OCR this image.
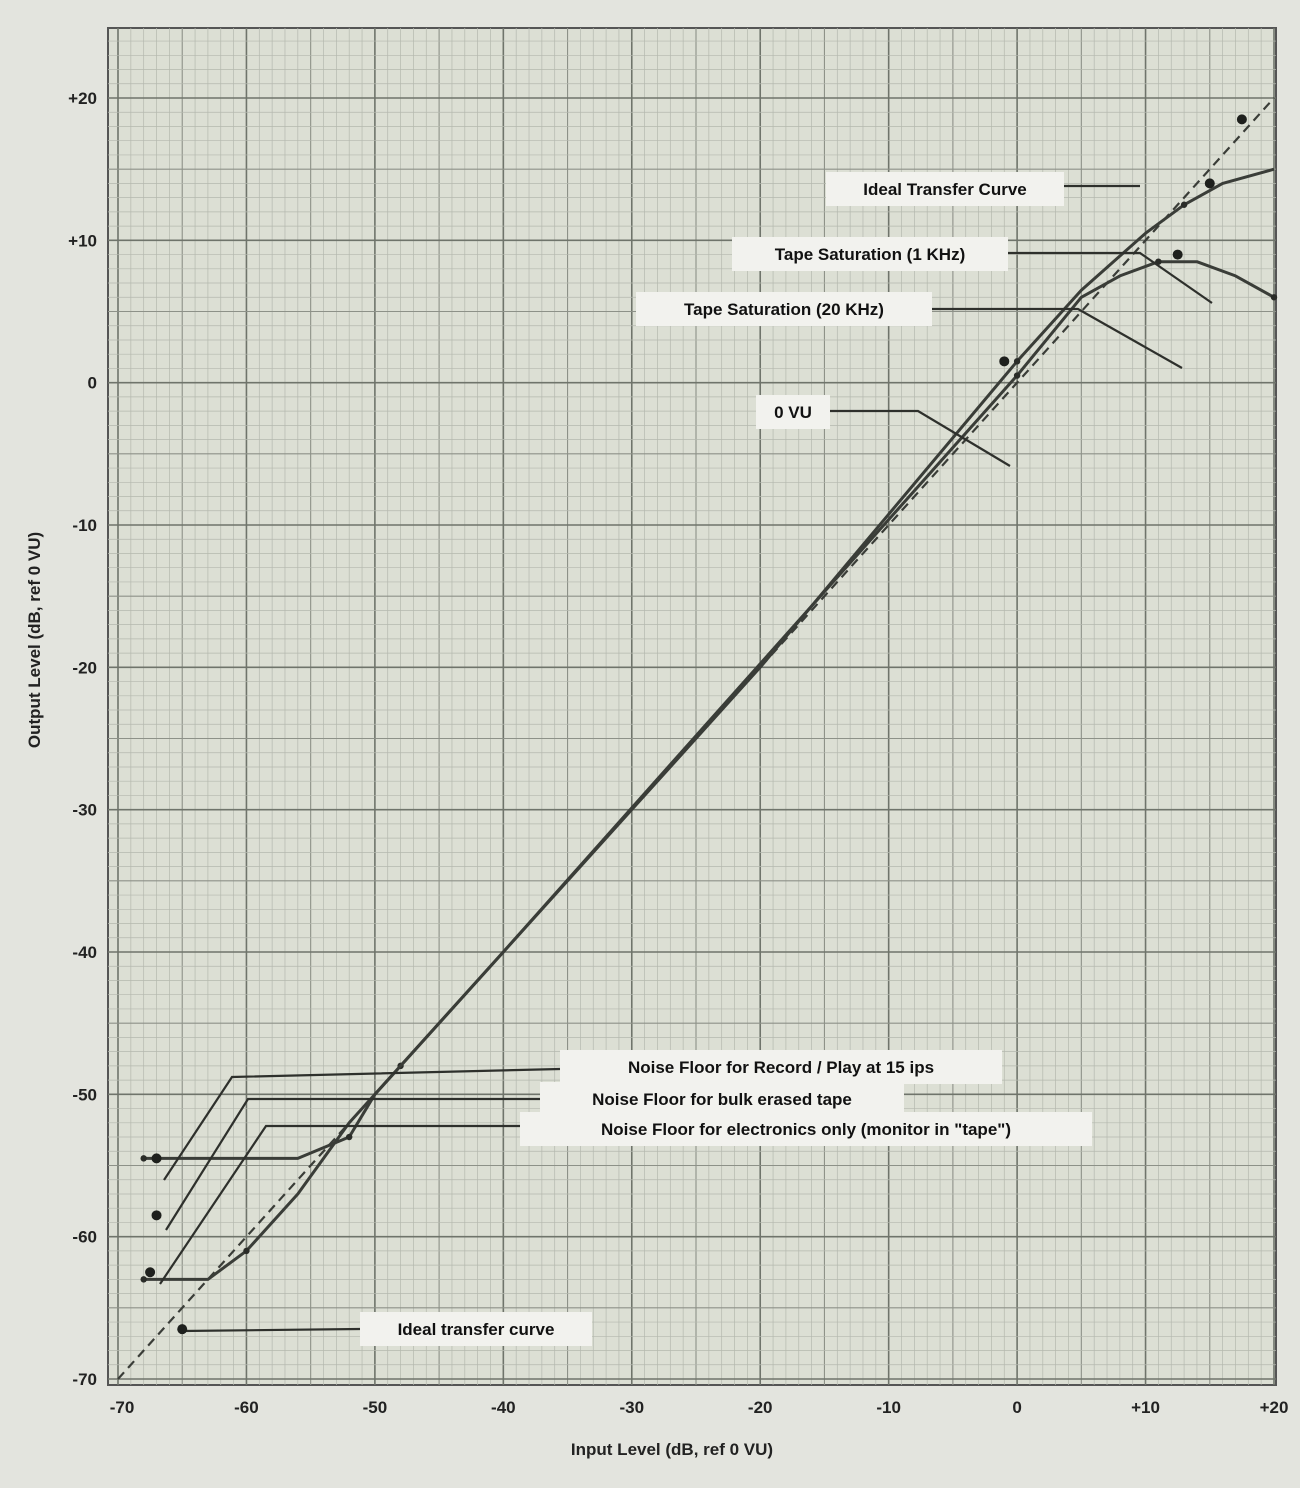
-70	-60	-50	-40	-30	-20	-10	0	+10	+20
+20
+10
0
-10
-20
-30
-40
-50
-60
-70
Ideal Transfer Curve
Tape Saturation (1 KHz)
Tape Saturation (20 KHz)
0 VU
Noise Floor for Record / Play at 15 ips
Noise Floor for bulk erased tape
Noise Floor for electronics only (monitor in "tape")
Ideal transfer curve
Input Level (dB, ref 0 VU)
Output Level (dB, ref 0 VU)
